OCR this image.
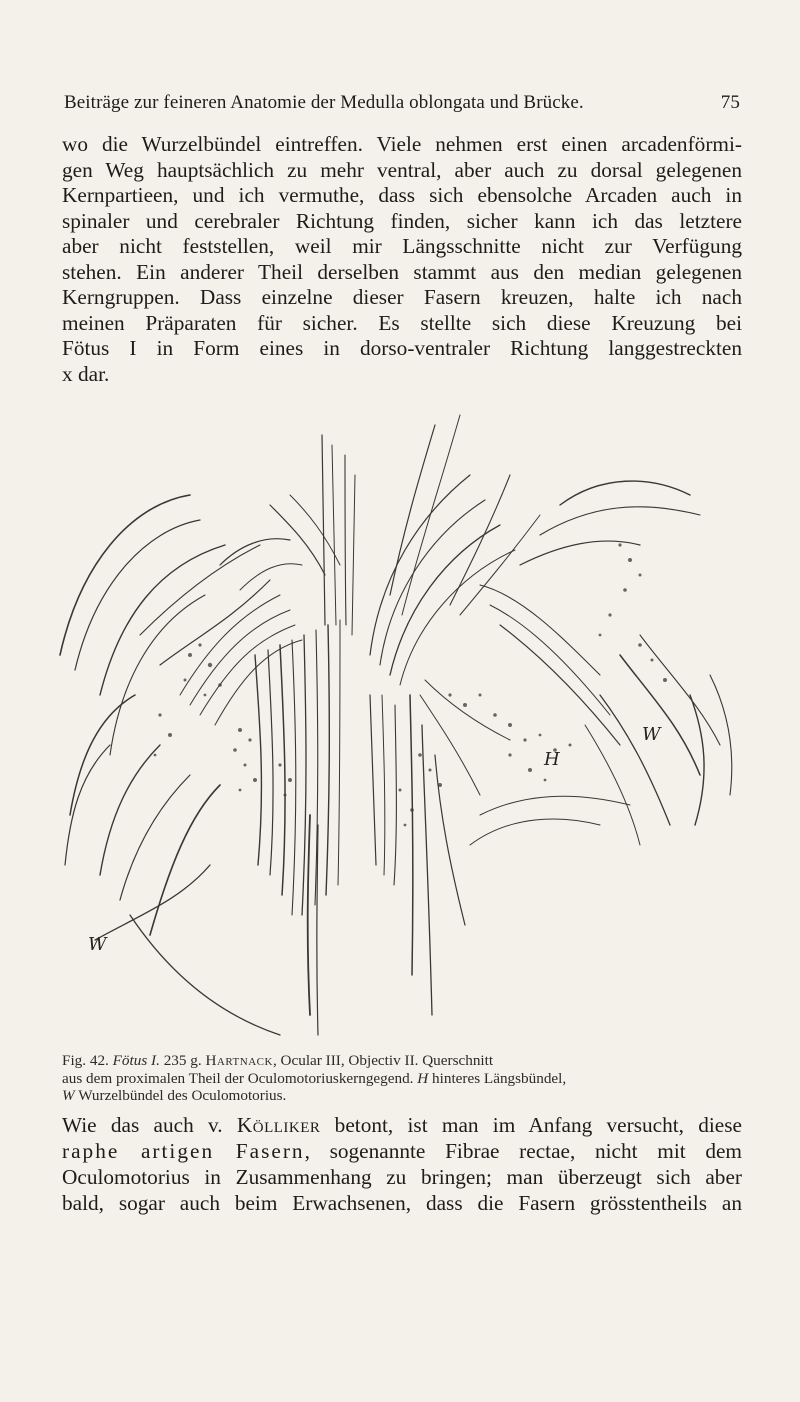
Beiträge zur feineren Anatomie der Medulla oblongata und Brücke.	75
wo die Wurzelbündel eintreffen. Viele nehmen erst einen arcadenförmi-
gen Weg hauptsächlich zu mehr ventral, aber auch zu dorsal gelegenen
Kernpartieen, und ich vermuthe, dass sich ebensolche Arcaden auch in
spinaler und cerebraler Richtung finden, sicher kann ich das letztere
aber nicht feststellen, weil mir Längsschnitte nicht zur Verfügung
stehen. Ein anderer Theil derselben stammt aus den median gelegenen
Kerngruppen. Dass einzelne dieser Fasern kreuzen, halte ich nach
meinen Präparaten für sicher. Es stellte sich diese Kreuzung bei
Fötus I in Form eines in dorso-ventraler Richtung langgestreckten
x dar.
W
W
H
Fig. 42. Fötus I. 235 g. Hartnack, Ocular III, Objectiv II. Querschnitt
aus dem proximalen Theil der Oculomotoriuskerngegend. H hinteres Längsbündel,
W Wurzelbündel des Oculomotorius.
Wie das auch v. Kölliker betont, ist man im Anfang versucht, diese
raphe artigen Fasern, sogenannte Fibrae rectae, nicht mit dem
Oculomotorius in Zusammenhang zu bringen; man überzeugt sich aber
bald, sogar auch beim Erwachsenen, dass die Fasern grösstentheils an
